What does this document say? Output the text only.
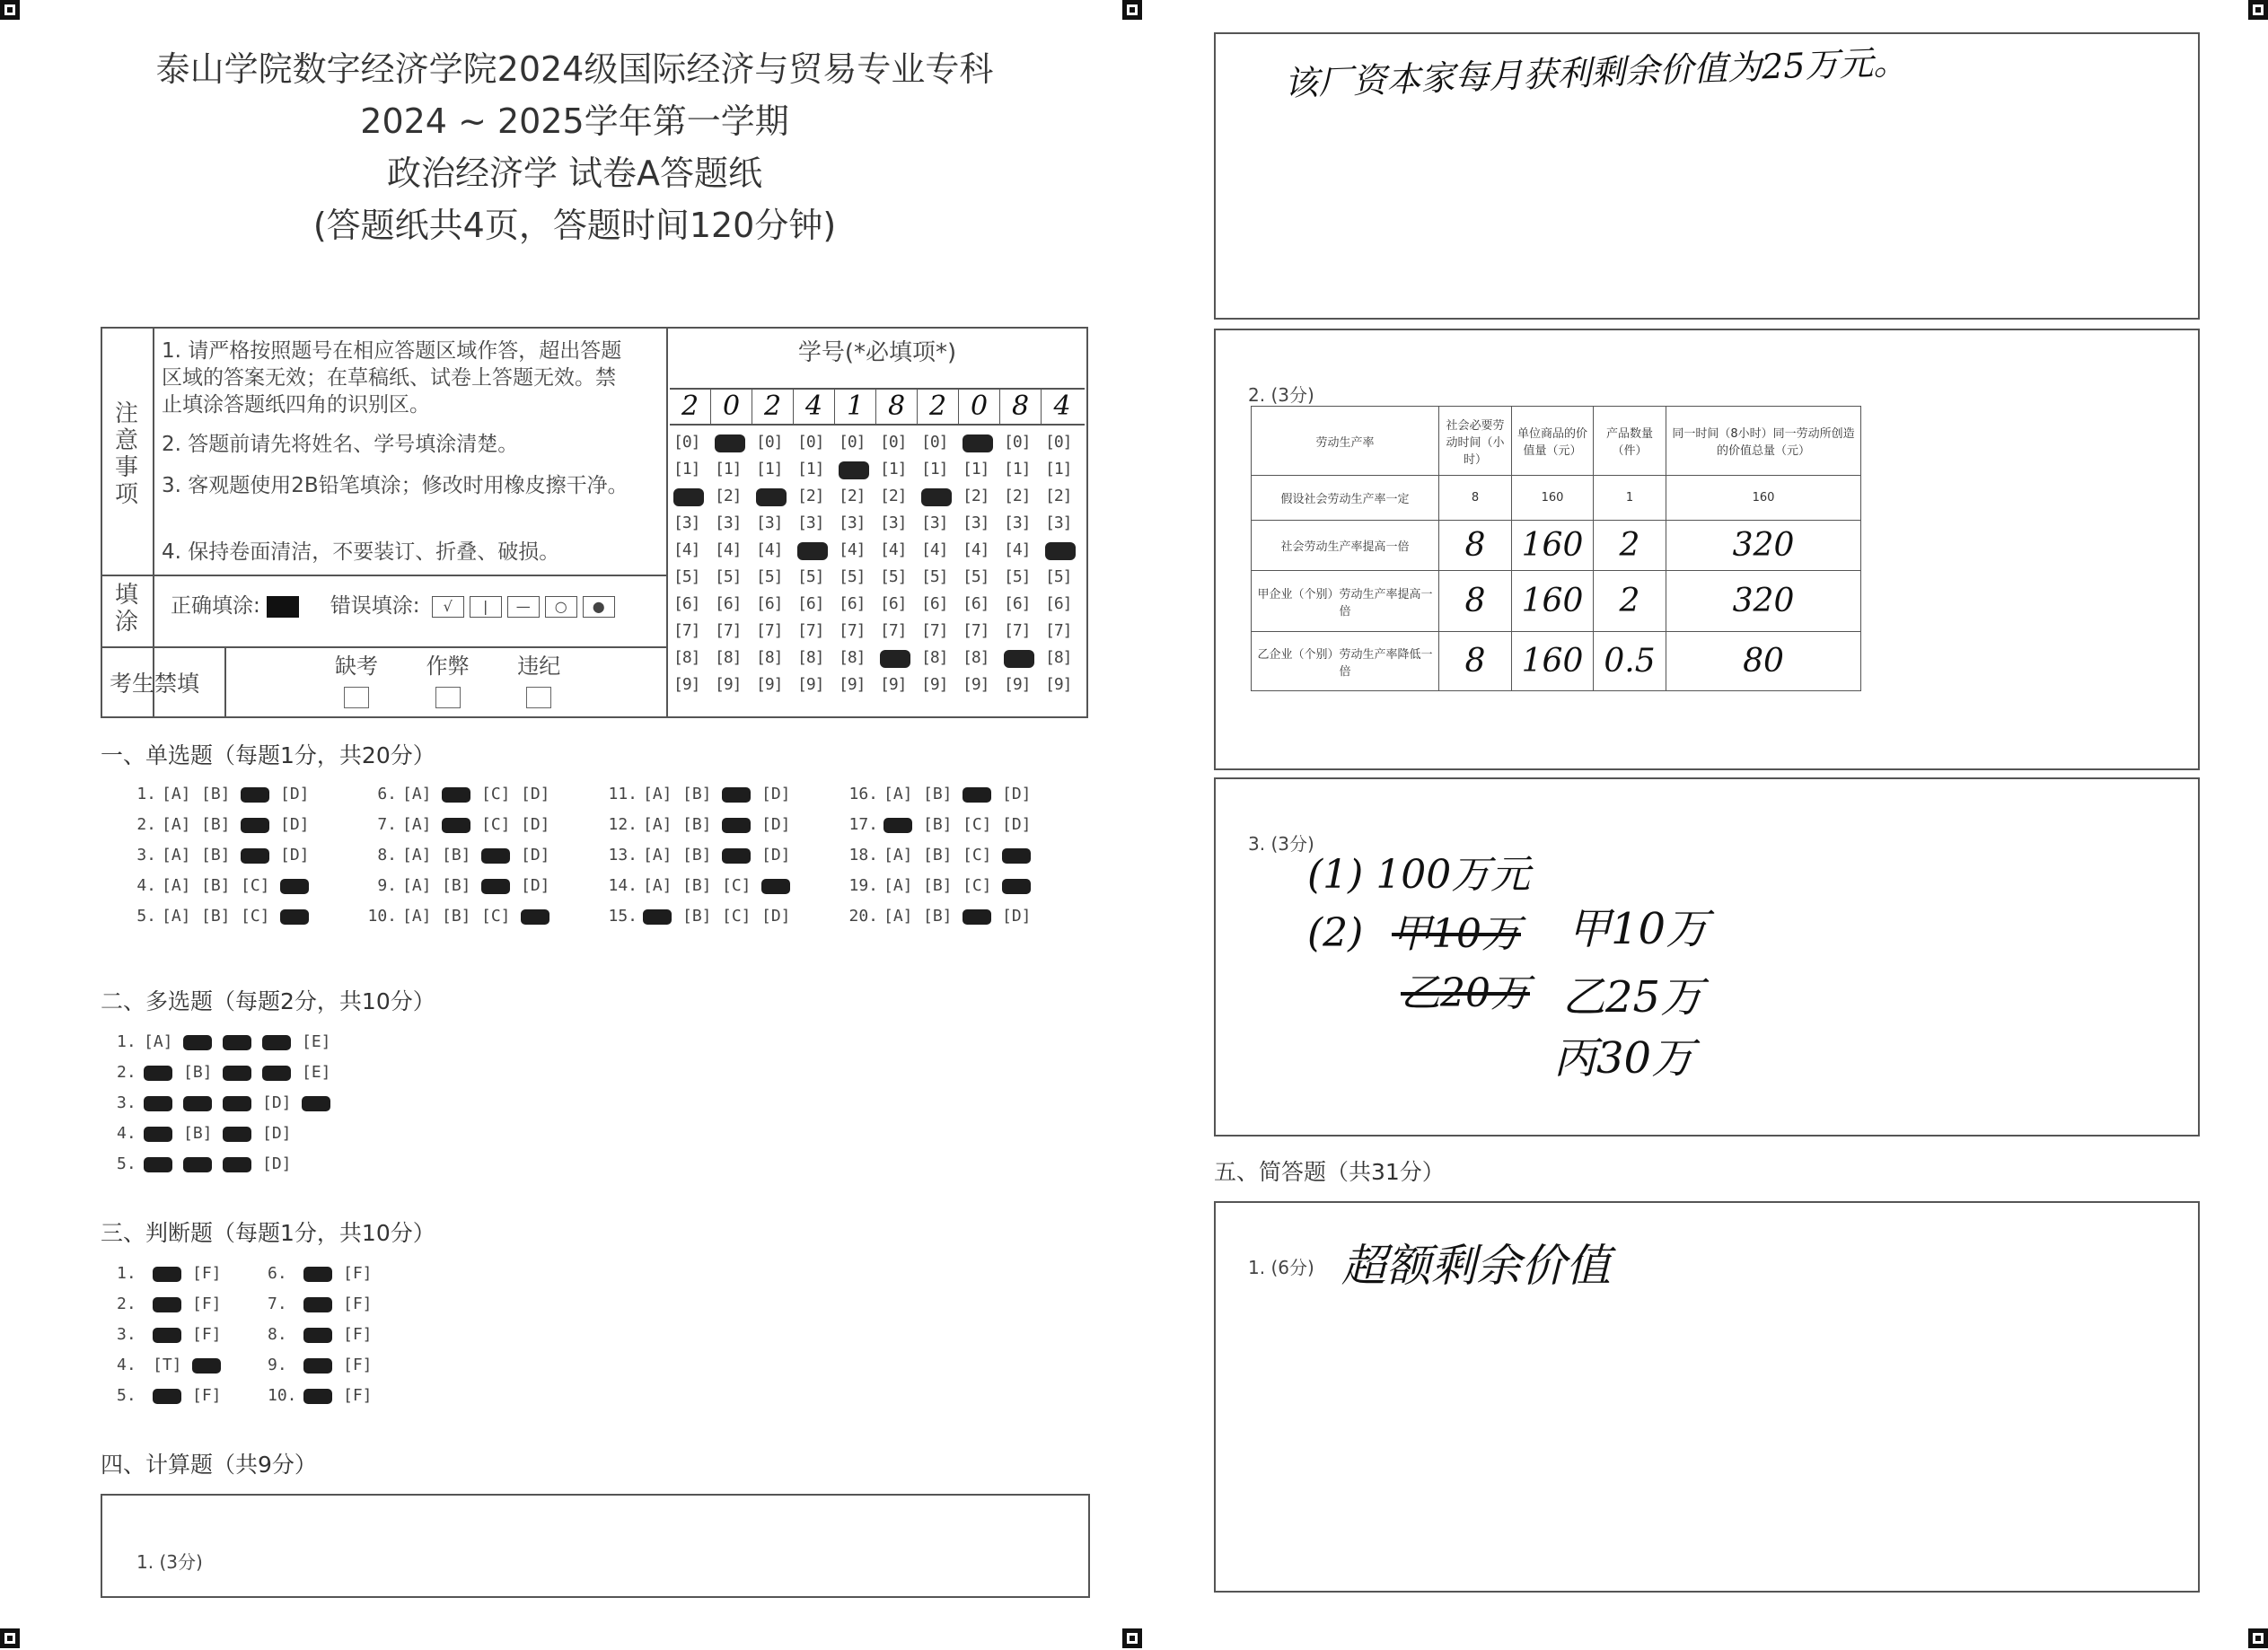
泰山学院数字经济学院2024级国际经济与贸易专业专科
2024 ~ 2025学年第一学期
政治经济学 试卷A答题纸
(答题纸共4页，答题时间120分钟)
注意事项
1. 请严格按照题号在相应答题区域作答，超出答题区域的答案无效；在草稿纸、试卷上答题无效。禁止填涂答题纸四角的识别区。
2. 答题前请先将姓名、学号填涂清楚。
3. 客观题使用2B铅笔填涂；修改时用橡皮擦干净。
4. 保持卷面清洁，不要装订、折叠、破损。
填涂
正确填涂:	错误填涂: √ | — ○ ●
考生禁填
缺考 作弊 违纪
学号(*必填项*)
2 0 2 4 1 8 2 0 8 4
[0]	[0] [0] [0] [0] [0]	[0] [0]
[1] [1] [1] [1]	[1] [1] [1] [1] [1]
[2]	[2] [2] [2]	[2] [2] [2]
[3] [3] [3] [3] [3] [3] [3] [3] [3] [3]
[4] [4] [4]	[4] [4] [4] [4] [4]
[5] [5] [5] [5] [5] [5] [5] [5] [5] [5]
[6] [6] [6] [6] [6] [6] [6] [6] [6] [6]
[7] [7] [7] [7] [7] [7] [7] [7] [7] [7]
[8] [8] [8] [8] [8]	[8] [8]	[8]
[9] [9] [9] [9] [9] [9] [9] [9] [9] [9]
一、单选题（每题1分，共20分）
1. [A] [B]	[D]
2. [A] [B]	[D]
3. [A] [B]	[D]
4. [A] [B] [C]
5. [A] [B] [C]
6. [A]	[C] [D]
7. [A]	[C] [D]
8. [A] [B]	[D]
9. [A] [B]	[D]
10. [A] [B] [C]
11. [A] [B]	[D]
12. [A] [B]	[D]
13. [A] [B]	[D]
14. [A] [B] [C]
15.	[B] [C] [D]
16. [A] [B]	[D]
17.	[B] [C] [D]
18. [A] [B] [C]
19. [A] [B] [C]
20. [A] [B]	[D]
二、多选题（每题2分，共10分）
1. [A]	[E]
2.	[B]	[E]
3.	[D]
4.	[B]	[D]
5.	[D]
三、判断题（每题1分，共10分）
1.	[F]
2.	[F]
3.	[F]
4. [T]
5.	[F]
6.	[F]
7.	[F]
8.	[F]
9.	[F]
10.	[F]
四、计算题（共9分）
1. (3分)
该厂资本家每月获利剩余价值为25万元。
2. (3分)
劳动生产率	社会必要劳动时间（小时）	单位商品的价值量（元）	产品数量（件）	同一时间（8小时）同一劳动所创造的价值总量（元）
假设社会劳动生产率一定	8	160	1	160
社会劳动生产率提高一倍	8	160	2	320
甲企业（个别）劳动生产率提高一倍	8	160	2	320
乙企业（个别）劳动生产率降低一倍	8	160	0.5	80
3. (3分)
(1) 100万元
(2) 甲10万
乙20万
甲10万
乙25万
丙30万
五、简答题（共31分）
1. (6分) 超额剩余价值
